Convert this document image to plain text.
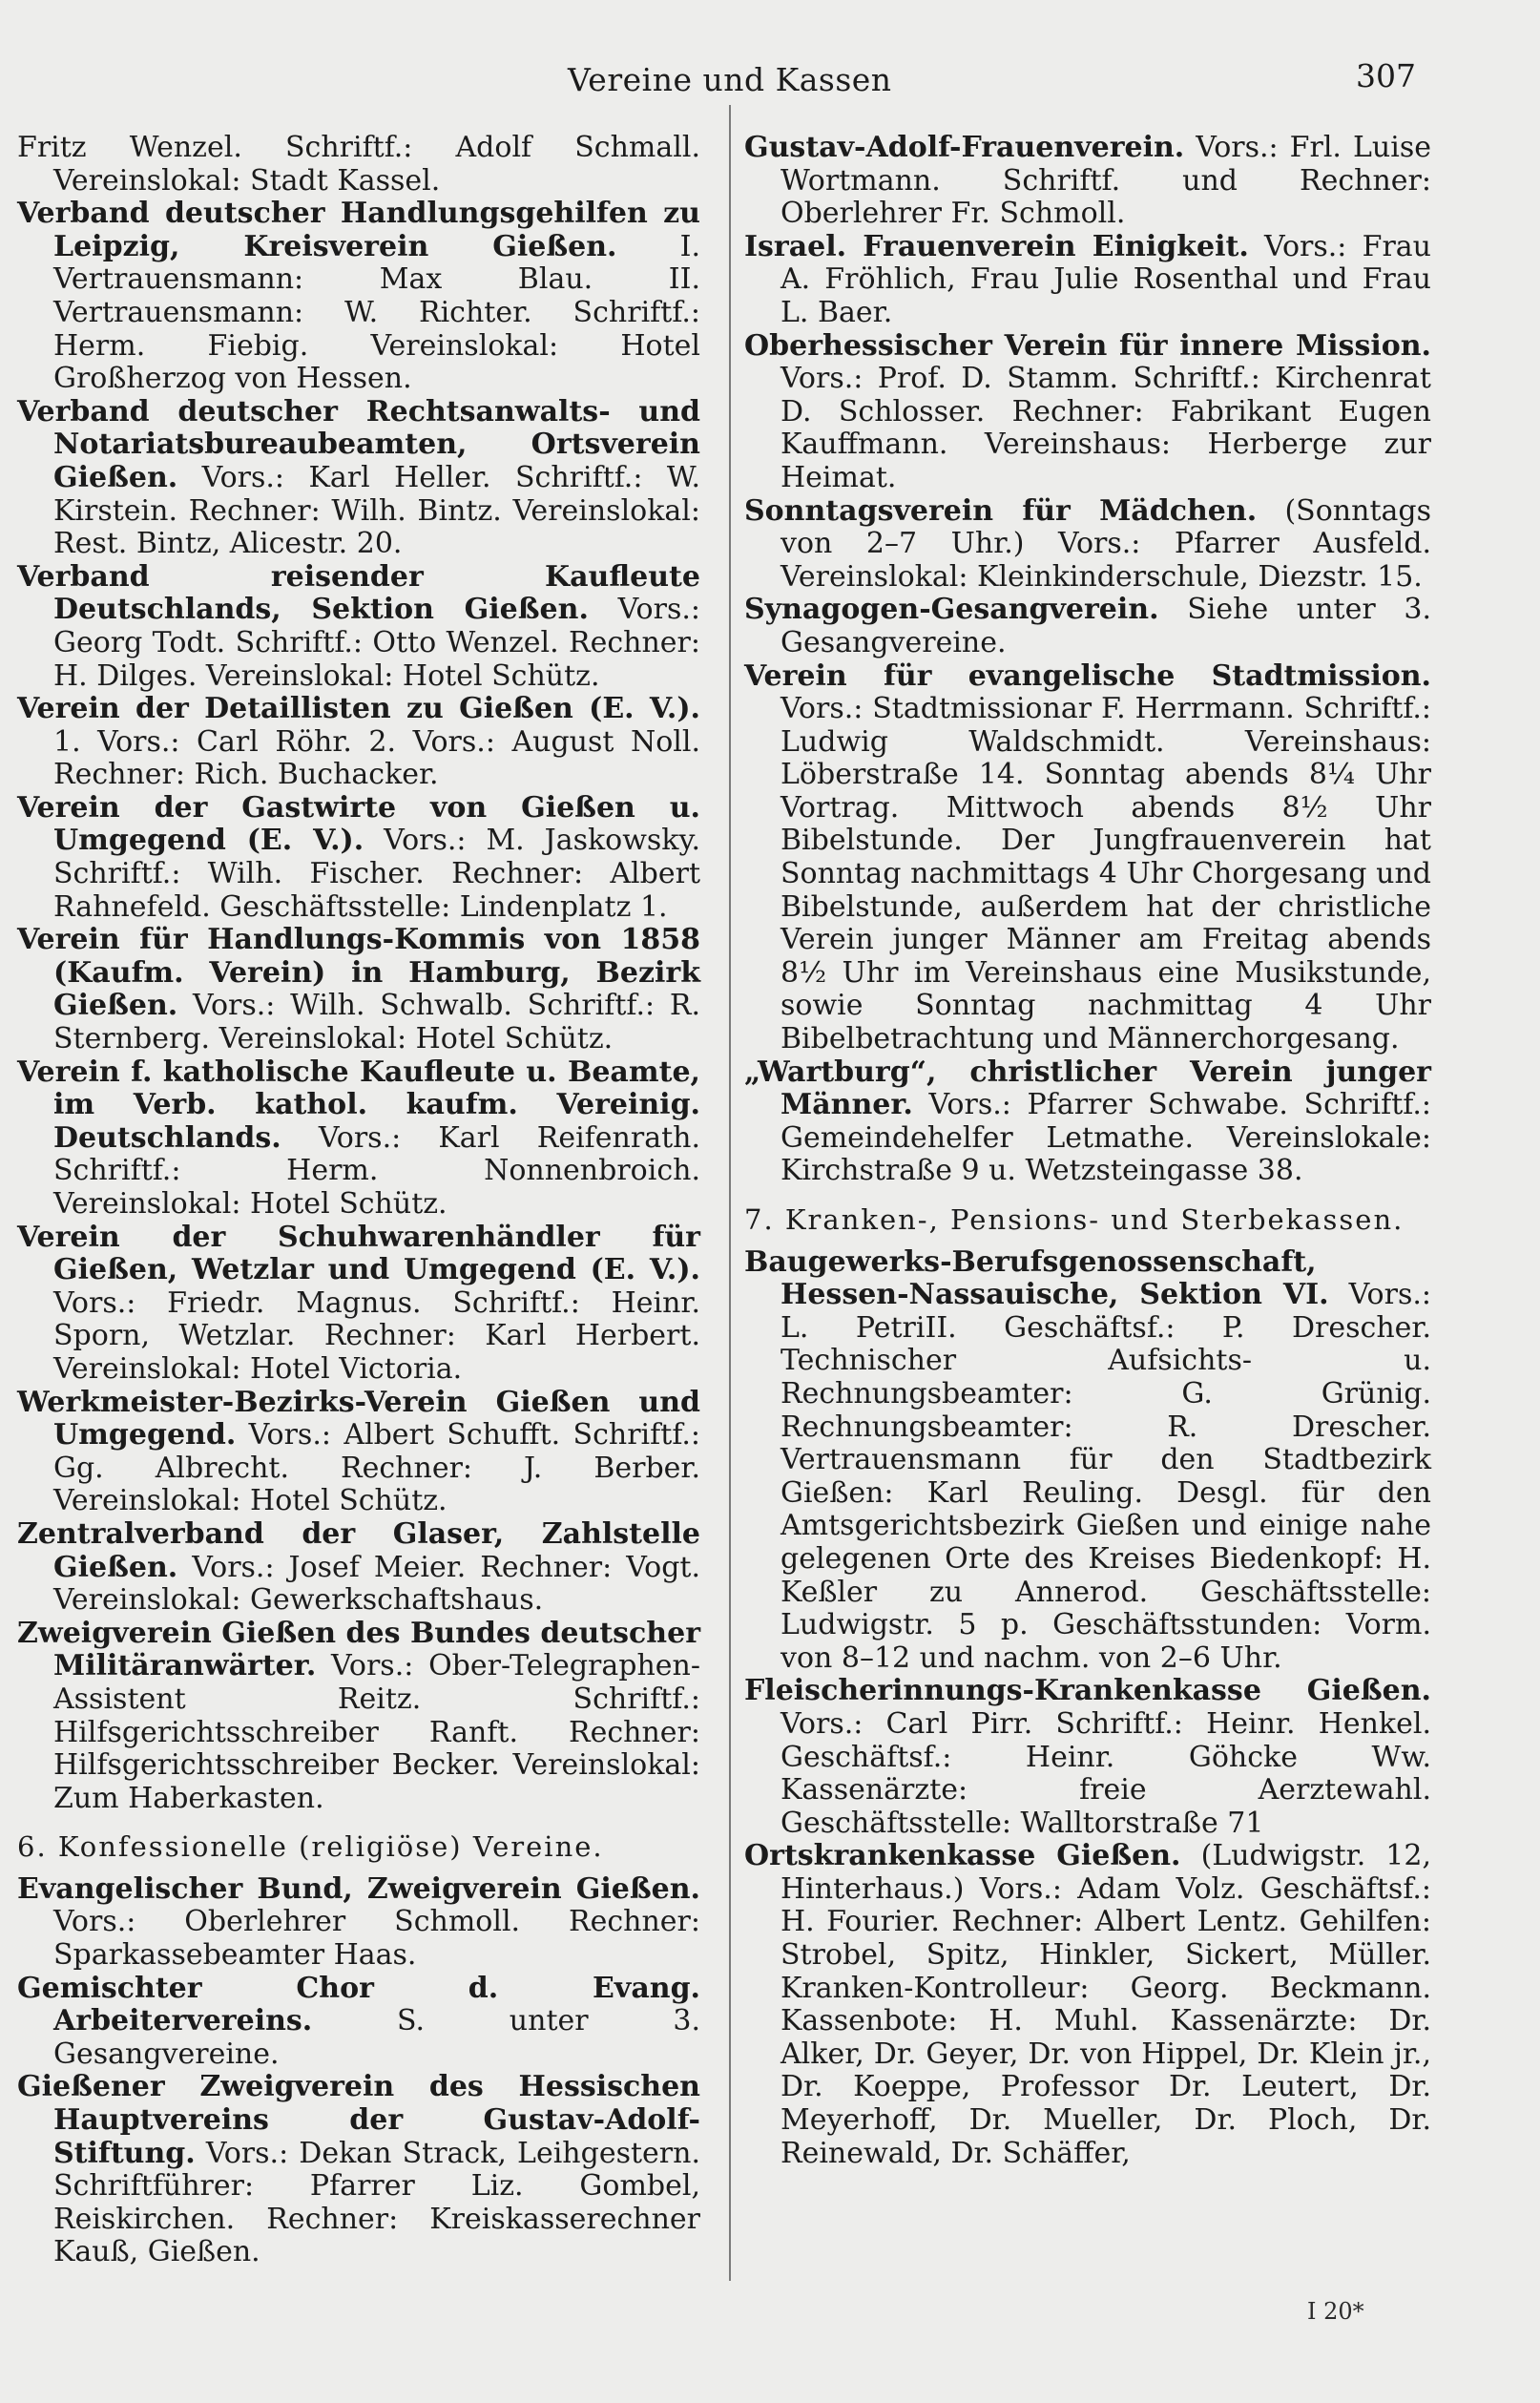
Vereine und Kassen	307

Fritz Wenzel. Schriftf.: Adolf Schmall. Vereinslokal: Stadt Kassel.

Verband deutscher Handlungsgehilfen zu Leipzig, Kreisverein Gießen. I. Vertrauensmann: Max Blau. II. Vertrauensmann: W. Richter. Schriftf.: Herm. Fiebig. Vereinslokal: Hotel Großherzog von Hessen.

Verband deutscher Rechtsanwalts- und Notariatsbureaubeamten, Ortsverein Gießen. Vors.: Karl Heller. Schriftf.: W. Kirstein. Rechner: Wilh. Bintz. Vereinslokal: Rest. Bintz, Alicestr. 20.

Verband reisender Kaufleute Deutschlands, Sektion Gießen. Vors.: Georg Todt. Schriftf.: Otto Wenzel. Rechner: H. Dilges. Vereinslokal: Hotel Schütz.

Verein der Detaillisten zu Gießen (E. V.). 1. Vors.: Carl Röhr. 2. Vors.: August Noll. Rechner: Rich. Buchacker.

Verein der Gastwirte von Gießen u. Umgegend (E. V.). Vors.: M. Jaskowsky. Schriftf.: Wilh. Fischer. Rechner: Albert Rahnefeld. Geschäftsstelle: Lindenplatz 1.

Verein für Handlungs-Kommis von 1858 (Kaufm. Verein) in Hamburg, Bezirk Gießen. Vors.: Wilh. Schwalb. Schriftf.: R. Sternberg. Vereinslokal: Hotel Schütz.

Verein f. katholische Kaufleute u. Beamte, im Verb. kathol. kaufm. Vereinig. Deutschlands. Vors.: Karl Reifenrath. Schriftf.: Herm. Nonnenbroich. Vereinslokal: Hotel Schütz.

Verein der Schuhwarenhändler für Gießen, Wetzlar und Umgegend (E. V.). Vors.: Friedr. Magnus. Schriftf.: Heinr. Sporn, Wetzlar. Rechner: Karl Herbert. Vereinslokal: Hotel Victoria.

Werkmeister-Bezirks-Verein Gießen und Umgegend. Vors.: Albert Schufft. Schriftf.: Gg. Albrecht. Rechner: J. Berber. Vereinslokal: Hotel Schütz.

Zentralverband der Glaser, Zahlstelle Gießen. Vors.: Josef Meier. Rechner: Vogt. Vereinslokal: Gewerkschaftshaus.

Zweigverein Gießen des Bundes deutscher Militäranwärter. Vors.: Ober-Telegraphen-Assistent Reitz. Schriftf.: Hilfsgerichtsschreiber Ranft. Rechner: Hilfsgerichtsschreiber Becker. Vereinslokal: Zum Haberkasten.

6. Konfessionelle (religiöse) Vereine.

Evangelischer Bund, Zweigverein Gießen. Vors.: Oberlehrer Schmoll. Rechner: Sparkassebeamter Haas.

Gemischter Chor d. Evang. Arbeitervereins. S. unter 3. Gesangvereine.

Gießener Zweigverein des Hessischen Hauptvereins der Gustav-Adolf-Stiftung. Vors.: Dekan Strack, Leihgestern. Schriftführer: Pfarrer Liz. Gombel, Reiskirchen. Rechner: Kreiskasserechner Kauß, Gießen.

Gustav-Adolf-Frauenverein. Vors.: Frl. Luise Wortmann. Schriftf. und Rechner: Oberlehrer Fr. Schmoll.

Israel. Frauenverein Einigkeit. Vors.: Frau A. Fröhlich, Frau Julie Rosenthal und Frau L. Baer.

Oberhessischer Verein für innere Mission. Vors.: Prof. D. Stamm. Schriftf.: Kirchenrat D. Schlosser. Rechner: Fabrikant Eugen Kauffmann. Vereinshaus: Herberge zur Heimat.

Sonntagsverein für Mädchen. (Sonntags von 2–7 Uhr.) Vors.: Pfarrer Ausfeld. Vereinslokal: Kleinkinderschule, Diezstr. 15.

Synagogen-Gesangverein. Siehe unter 3. Gesangvereine.

Verein für evangelische Stadtmission. Vors.: Stadtmissionar F. Herrmann. Schriftf.: Ludwig Waldschmidt. Vereinshaus: Löberstraße 14. Sonntag abends 8¼ Uhr Vortrag. Mittwoch abends 8½ Uhr Bibelstunde. Der Jungfrauenverein hat Sonntag nachmittags 4 Uhr Chorgesang und Bibelstunde, außerdem hat der christliche Verein junger Männer am Freitag abends 8½ Uhr im Vereinshaus eine Musikstunde, sowie Sonntag nachmittag 4 Uhr Bibelbetrachtung und Männerchorgesang.

„Wartburg“, christlicher Verein junger Männer. Vors.: Pfarrer Schwabe. Schriftf.: Gemeindehelfer Letmathe. Vereinslokale: Kirchstraße 9 u. Wetzsteingasse 38.

7. Kranken-, Pensions- und Sterbekassen.

Baugewerks-Berufsgenossenschaft, Hessen-Nassauische, Sektion VI. Vors.: L. PetriII. Geschäftsf.: P. Drescher. Technischer Aufsichts- u. Rechnungsbeamter: G. Grünig. Rechnungsbeamter: R. Drescher. Vertrauensmann für den Stadtbezirk Gießen: Karl Reuling. Desgl. für den Amtsgerichtsbezirk Gießen und einige nahe gelegenen Orte des Kreises Biedenkopf: H. Keßler zu Annerod. Geschäftsstelle: Ludwigstr. 5 p. Geschäftsstunden: Vorm. von 8–12 und nachm. von 2–6 Uhr.

Fleischerinnungs-Krankenkasse Gießen. Vors.: Carl Pirr. Schriftf.: Heinr. Henkel. Geschäftsf.: Heinr. Göhcke Ww. Kassenärzte: freie Aerztewahl. Geschäftsstelle: Walltorstraße 71

Ortskrankenkasse Gießen. (Ludwigstr. 12, Hinterhaus.) Vors.: Adam Volz. Geschäftsf.: H. Fourier. Rechner: Albert Lentz. Gehilfen: Strobel, Spitz, Hinkler, Sickert, Müller. Kranken-Kontrolleur: Georg. Beckmann. Kassenbote: H. Muhl. Kassenärzte: Dr. Alker, Dr. Geyer, Dr. von Hippel, Dr. Klein jr., Dr. Koeppe, Professor Dr. Leutert, Dr. Meyerhoff, Dr. Mueller, Dr. Ploch, Dr. Reinewald, Dr. Schäffer,

I 20*
